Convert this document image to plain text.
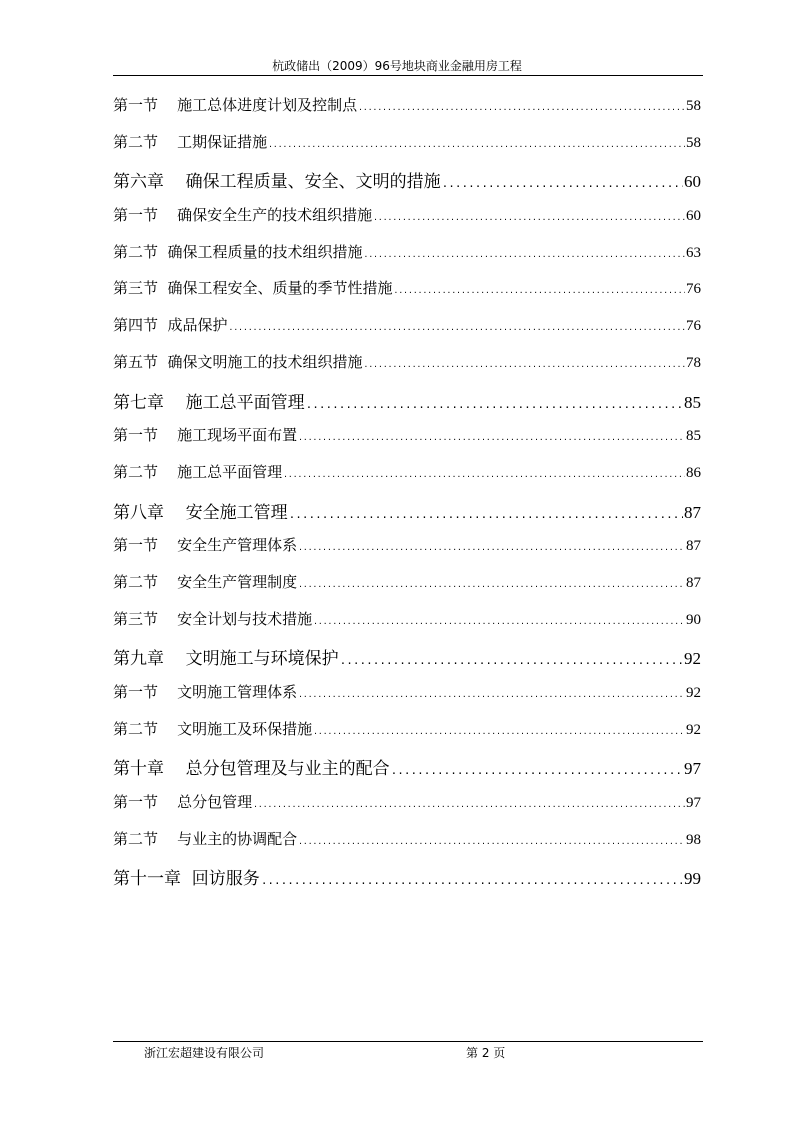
杭政储出（2009）96号地块商业金融用房工程
第一节    施工总体进度计划及控制点 .....	58
第二节    工期保证措施 .....	58
第六章    确保工程质量、安全、文明的措施 .....	60
第一节    确保安全生产的技术组织措施 .....	60
第二节  确保工程质量的技术组织措施 .....	63
第三节  确保工程安全、质量的季节性措施 .....	76
第四节  成品保护 .....	76
第五节  确保文明施工的技术组织措施 .....	78
第七章    施工总平面管理 .....	85
第一节    施工现场平面布置 .....	85
第二节    施工总平面管理 .....	86
第八章    安全施工管理 .....	87
第一节    安全生产管理体系 .....	87
第二节    安全生产管理制度 .....	87
第三节    安全计划与技术措施 .....	90
第九章    文明施工与环境保护 .....	92
第一节    文明施工管理体系 .....	92
第二节    文明施工及环保措施 .....	92
第十章    总分包管理及与业主的配合 .....	97
第一节    总分包管理 .....	97
第二节    与业主的协调配合 .....	98
第十一章  回访服务 .....	99
浙江宏超建设有限公司	第 2 页
